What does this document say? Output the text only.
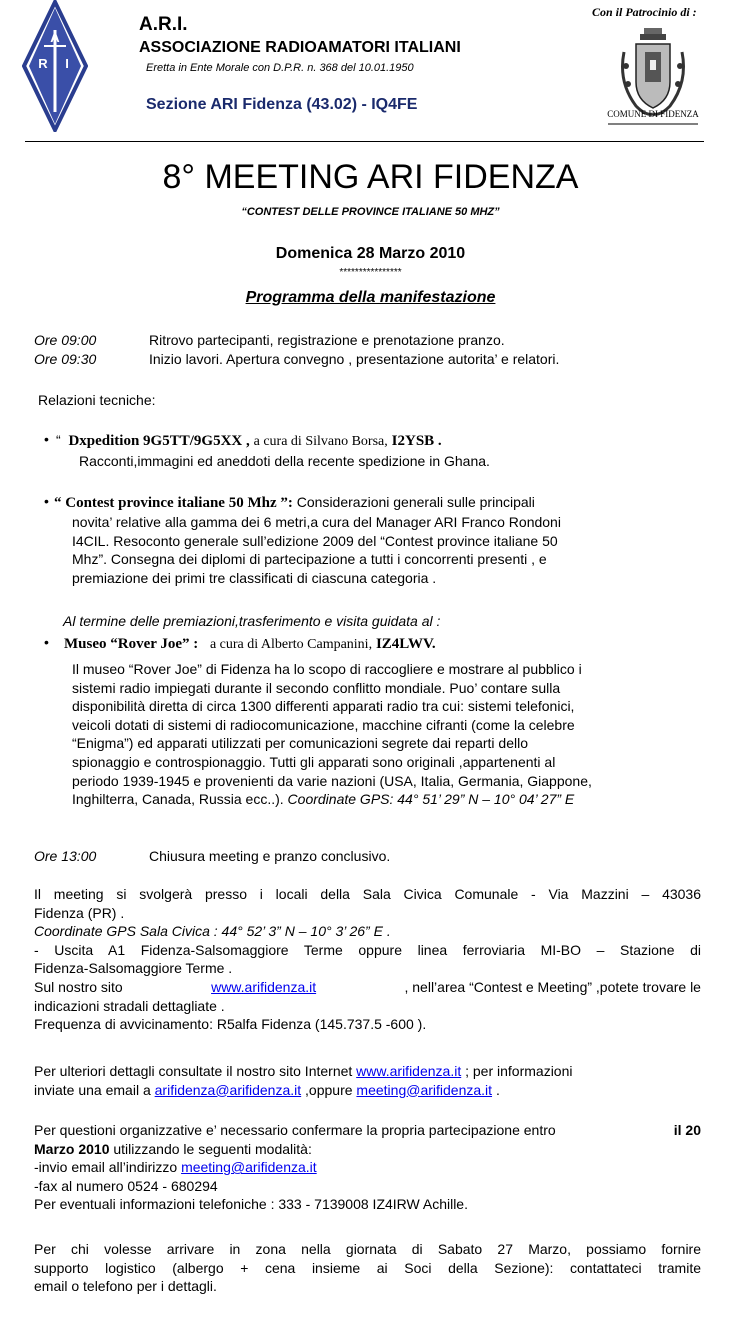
A
R I
A.R.I.
ASSOCIAZIONE RADIOAMATORI ITALIANI
Eretta in Ente Morale con D.P.R. n. 368 del 10.01.1950
Sezione ARI Fidenza (43.02) - IQ4FE
Con il Patrocinio di :
COMUNE DI FIDENZA
8° MEETING ARI FIDENZA
“CONTEST DELLE PROVINCE ITALIANE 50 MHZ”
Domenica 28 Marzo 2010
****************
Programma della manifestazione
Ore 09:00	Ritrovo partecipanti, registrazione e prenotazione pranzo.
Ore 09:30	Inizio lavori. Apertura convegno , presentazione autorita’ e relatori.
Relazioni tecniche:
• “ Dxpedition 9G5TT/9G5XX , a cura di Silvano Borsa, I2YSB .
Racconti,immagini ed aneddoti della recente spedizione in Ghana.
• “ Contest province italiane 50 Mhz ”: Considerazioni generali sulle principali
novita’ relative alla gamma dei 6 metri,a cura del Manager ARI Franco Rondoni
I4CIL. Resoconto generale sull’edizione 2009 del “Contest province italiane 50
Mhz”. Consegna dei diplomi di partecipazione a tutti i concorrenti presenti , e
premiazione dei primi tre classificati di ciascuna categoria .
Al termine delle premiazioni,trasferimento e visita guidata al :
• Museo “Rover Joe” : a cura di Alberto Campanini, IZ4LWV.
Il museo “Rover Joe” di Fidenza ha lo scopo di raccogliere e mostrare al pubblico i
sistemi radio impiegati durante il secondo conflitto mondiale. Puo’ contare sulla
disponibilità diretta di circa 1300 differenti apparati radio tra cui: sistemi telefonici,
veicoli dotati di sistemi di radiocomunicazione, macchine cifranti (come la celebre
“Enigma”) ed apparati utilizzati per comunicazioni segrete dai reparti dello
spionaggio e controspionaggio. Tutti gli apparati sono originali ,appartenenti al
periodo 1939-1945 e provenienti da varie nazioni (USA, Italia, Germania, Giappone,
Inghilterra, Canada, Russia ecc..). Coordinate GPS: 44° 51’ 29” N – 10° 04’ 27” E
Ore 13:00	Chiusura meeting e pranzo conclusivo.
Il meeting si svolgerà presso i locali della Sala Civica Comunale - Via Mazzini – 43036
Fidenza (PR) .
Coordinate GPS Sala Civica : 44° 52’ 3” N – 10° 3’ 26” E .
- Uscita A1 Fidenza-Salsomaggiore Terme oppure linea ferroviaria MI-BO – Stazione di
Fidenza-Salsomaggiore Terme .
Sul nostro sito	www.arifidenza.it	, nell’area “Contest e Meeting” ,potete trovare le
indicazioni stradali dettagliate .
Frequenza di avvicinamento: R5alfa Fidenza (145.737.5 -600 ).
Per ulteriori dettagli consultate il nostro sito Internet www.arifidenza.it ; per informazioni
inviate una email a arifidenza@arifidenza.it ,oppure meeting@arifidenza.it .
Per questioni organizzative e’ necessario confermare la propria partecipazione entro	il 20
Marzo 2010 utilizzando le seguenti modalità:
-invio email all’indirizzo meeting@arifidenza.it
-fax al numero 0524 - 680294
Per eventuali informazioni telefoniche : 333 - 7139008 IZ4IRW Achille.
Per chi volesse arrivare in zona nella giornata di Sabato 27 Marzo, possiamo fornire
supporto logistico (albergo + cena insieme ai Soci della Sezione): contattateci tramite
email o telefono per i dettagli.
